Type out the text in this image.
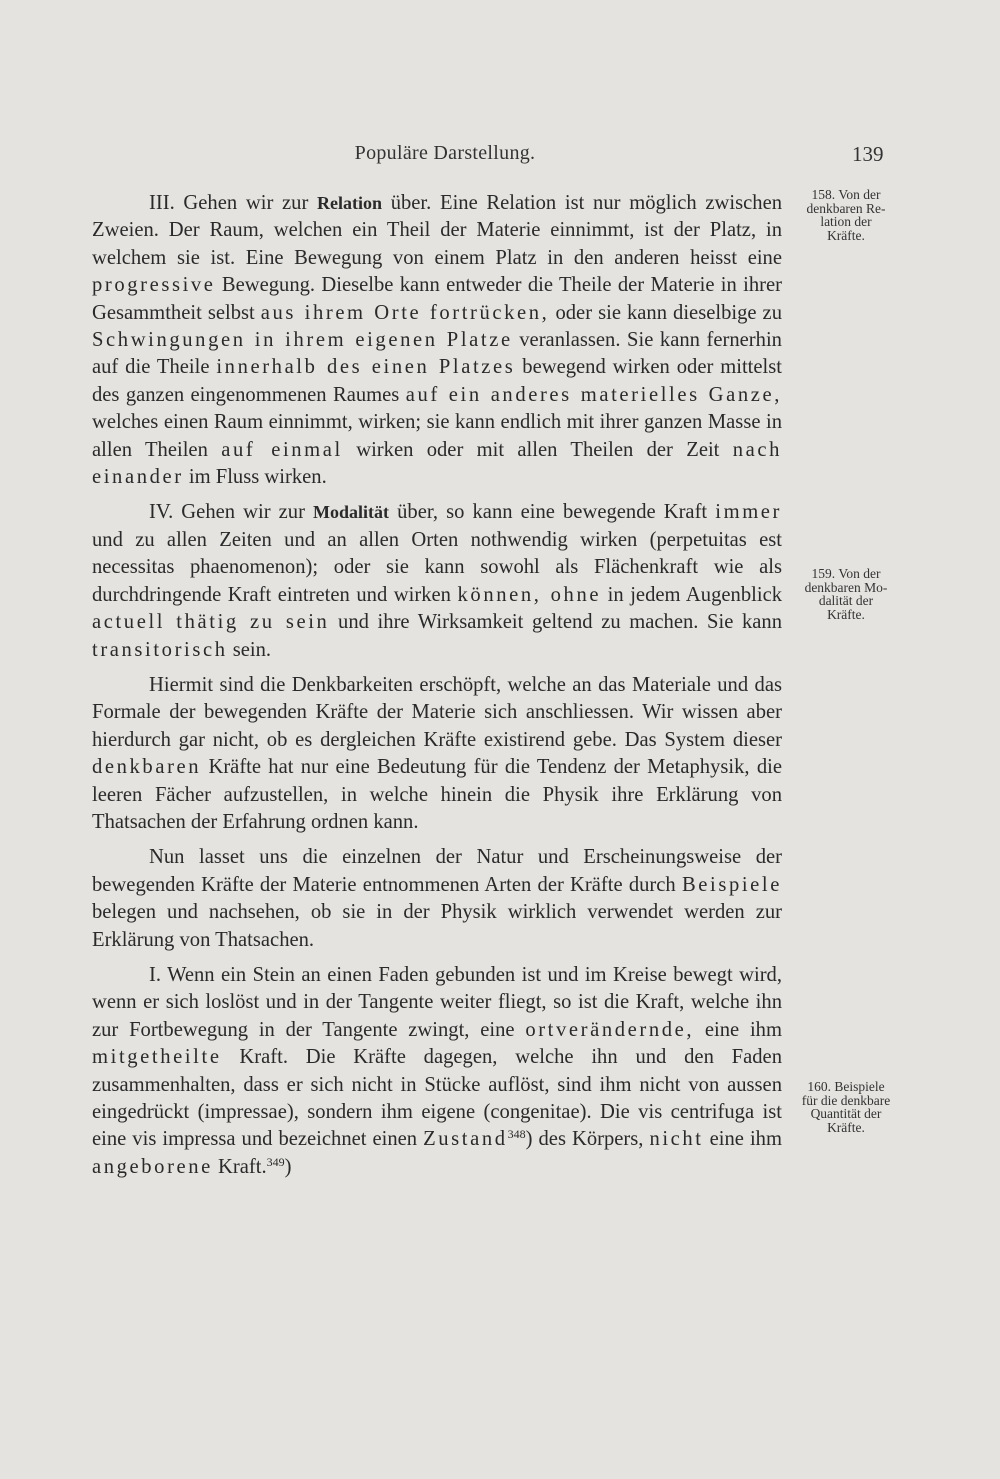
Populäre Darstellung.	139

III. Gehen wir zur Relation über. Eine Relation ist nur möglich zwischen Zweien. Der Raum, welchen ein Theil der Materie einnimmt, ist der Platz, in welchem sie ist. Eine Bewegung von einem Platz in den anderen heisst eine progressive Bewegung. Dieselbe kann entweder die Theile der Materie in ihrer Gesammtheit selbst aus ihrem Orte fortrücken, oder sie kann dieselbige zu Schwingungen in ihrem eigenen Platze veranlassen. Sie kann fernerhin auf die Theile innerhalb des einen Platzes bewegend wirken oder mittelst des ganzen eingenommenen Raumes auf ein anderes materielles Ganze, welches einen Raum einnimmt, wirken; sie kann endlich mit ihrer ganzen Masse in allen Theilen auf einmal wirken oder mit allen Theilen der Zeit nach einander im Fluss wirken.

IV. Gehen wir zur Modalität über, so kann eine bewegende Kraft immer und zu allen Zeiten und an allen Orten nothwendig wirken (perpetuitas est necessitas phaenomenon); oder sie kann sowohl als Flächenkraft wie als durchdringende Kraft eintreten und wirken können, ohne in jedem Augenblick actuell thätig zu sein und ihre Wirksamkeit geltend zu machen. Sie kann transitorisch sein.

Hiermit sind die Denkbarkeiten erschöpft, welche an das Materiale und das Formale der bewegenden Kräfte der Materie sich anschliessen. Wir wissen aber hierdurch gar nicht, ob es dergleichen Kräfte existirend gebe. Das System dieser denkbaren Kräfte hat nur eine Bedeutung für die Tendenz der Metaphysik, die leeren Fächer aufzustellen, in welche hinein die Physik ihre Erklärung von Thatsachen der Erfahrung ordnen kann.

Nun lasset uns die einzelnen der Natur und Erscheinungsweise der bewegenden Kräfte der Materie entnommenen Arten der Kräfte durch Beispiele belegen und nachsehen, ob sie in der Physik wirklich verwendet werden zur Erklärung von Thatsachen.

I. Wenn ein Stein an einen Faden gebunden ist und im Kreise bewegt wird, wenn er sich loslöst und in der Tangente weiter fliegt, so ist die Kraft, welche ihn zur Fortbewegung in der Tangente zwingt, eine ortverändernde, eine ihm mitgetheilte Kraft. Die Kräfte dagegen, welche ihn und den Faden zusammenhalten, dass er sich nicht in Stücke auflöst, sind ihm nicht von aussen eingedrückt (impressae), sondern ihm eigene (congenitae). Die vis centrifuga ist eine vis impressa und bezeichnet einen Zustand$^{348}$) des Körpers, nicht eine ihm angeborene Kraft.$^{349}$)

158. Von der
denkbaren Re-
lation der
Kräfte.
159. Von der
denkbaren Mo-
dalität der
Kräfte.
160. Beispiele
für die denkbare
Quantität der
Kräfte.
